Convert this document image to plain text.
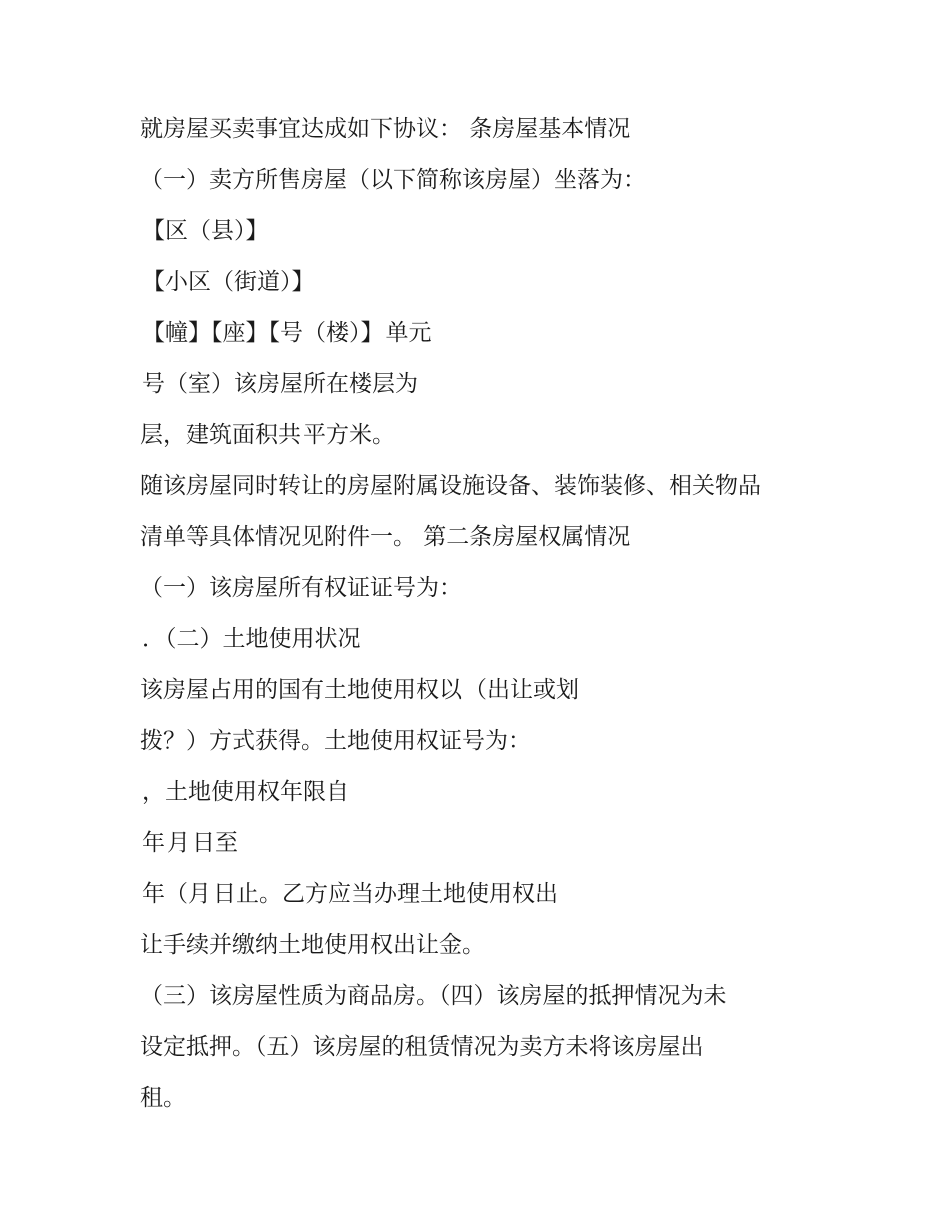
就房屋买卖事宜达成如下协议： 条房屋基本情况
（一）卖方所售房屋（以下简称该房屋）坐落为：
【区（县）】
【小区（街道）】
【幢】【座】【号（楼）】单元
号（室）该房屋所在楼层为
层，建筑面积共平方米。
随该房屋同时转让的房屋附属设施设备、装饰装修、相关物品
清单等具体情况见附件一。 第二条房屋权属情况
（一）该房屋所有权证证号为：
．（二）土地使用状况
该房屋占用的国有土地使用权以（出让或划
拨？）方式获得。土地使用权证号为：
，土地使用权年限自
年月日至
年（月日止。乙方应当办理土地使用权出
让手续并缴纳土地使用权出让金。
（三）该房屋性质为商品房。（四）该房屋的抵押情况为未
设定抵押。（五）该房屋的租赁情况为卖方未将该房屋出
租。
